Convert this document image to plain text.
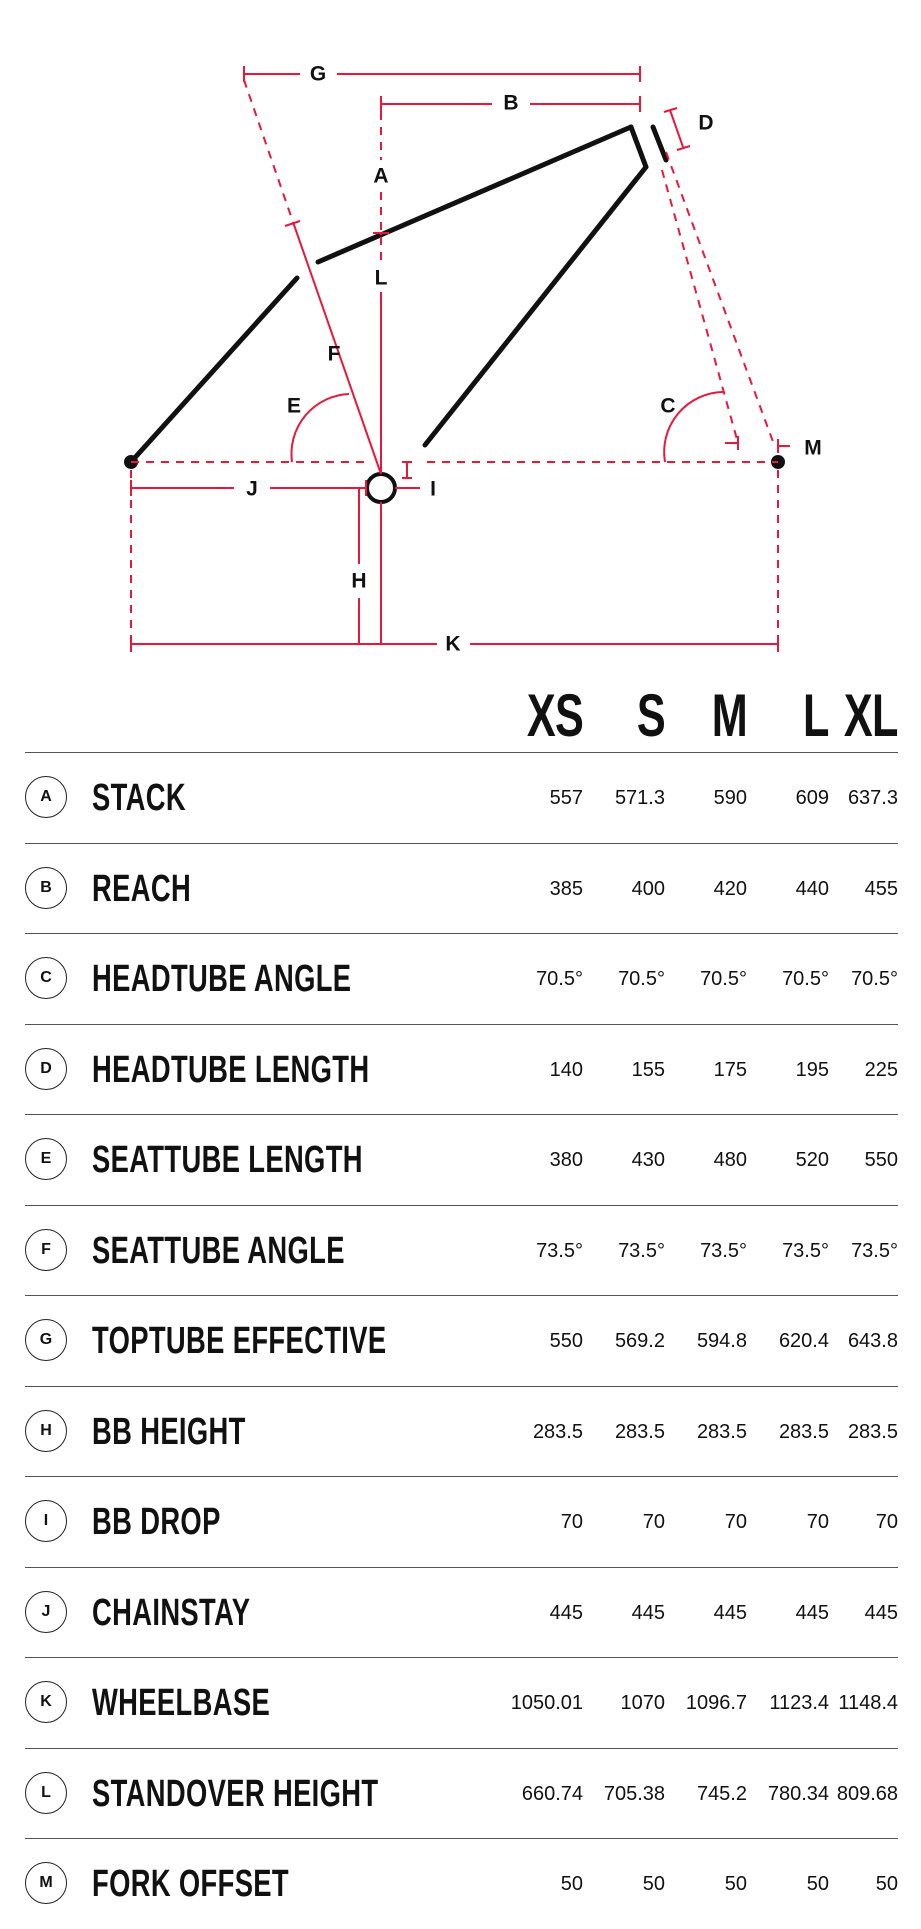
G
B
D
A
L
F
E	C
M
J	I
H
K
XS S M L XL
A	STACK	557	571.3	590	609 637.3
B	REACH	385	400	420	440	455
C	HEADTUBE ANGLE	70.5°	70.5°	70.5°	70.5°	70.5°
D	HEADTUBE LENGTH	140	155	175	195	225
E	SEATTUBE LENGTH	380	430	480	520	550
F	SEATTUBE ANGLE	73.5°	73.5°	73.5°	73.5°	73.5°
G	TOPTUBE EFFECTIVE	550	569.2	594.8	620.4 643.8
H	BB HEIGHT	283.5	283.5	283.5	283.5 283.5
I	BB DROP	70	70	70	70	70
J	CHAINSTAY	445	445	445	445	445
K	WHEELBASE	1050.01	1070	1096.7	1123.4 1148.4
L	STANDOVER HEIGHT	660.74	705.38	745.2	780.34 809.68
M	FORK OFFSET	50	50	50	50	50
